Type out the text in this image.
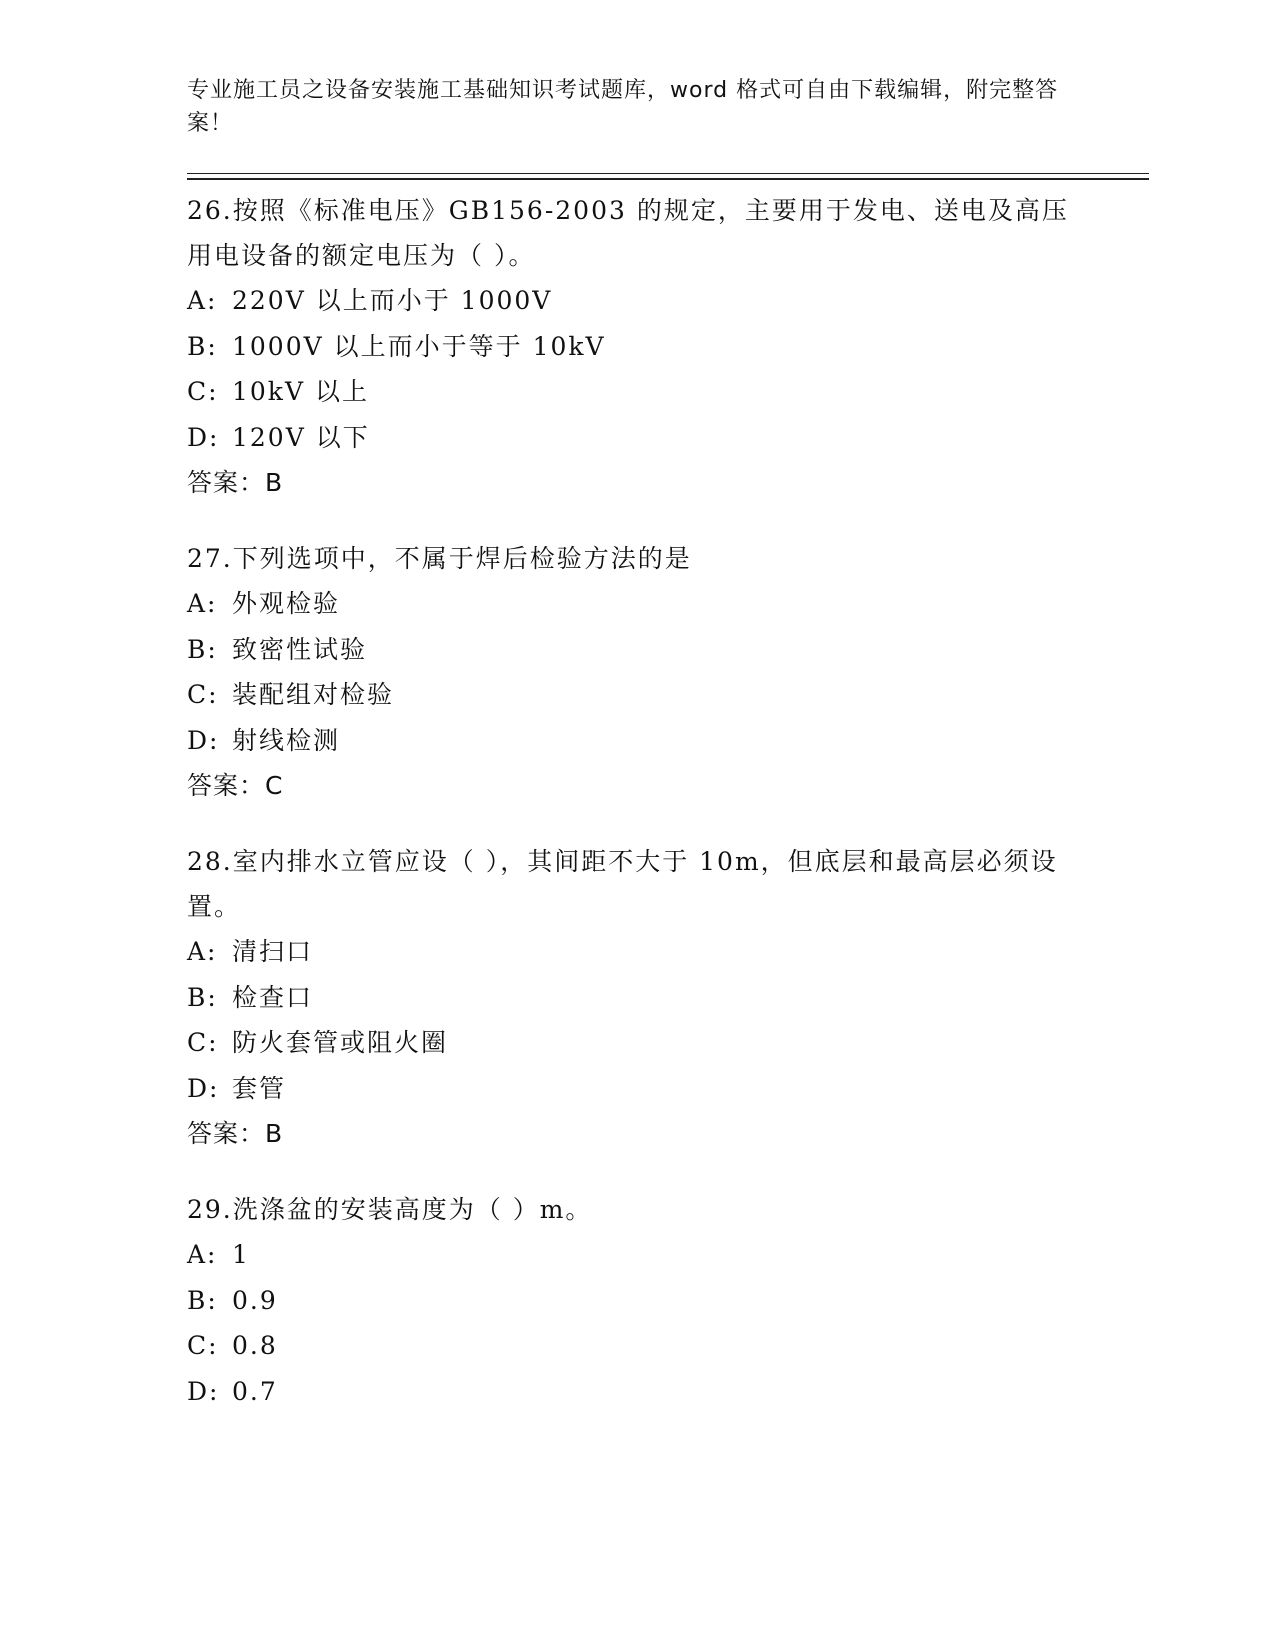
专业施工员之设备安装施工基础知识考试题库，word 格式可自由下载编辑，附完整答案！

26.按照《标准电压》GB156-2003 的规定，主要用于发电、送电及高压用电设备的额定电压为（ ）。

A: 220V 以上而小于 1000V

B: 1000V 以上而小于等于 10kV

C: 10kV 以上

D: 120V 以下

答案：B

27.下列选项中，不属于焊后检验方法的是

A: 外观检验

B: 致密性试验

C: 装配组对检验

D: 射线检测

答案：C

28.室内排水立管应设（ ），其间距不大于 10m，但底层和最高层必须设置。

A: 清扫口

B: 检查口

C: 防火套管或阻火圈

D: 套管

答案：B

29.洗涤盆的安装高度为（ ）m。

A: 1

B: 0.9

C: 0.8

D: 0.7
